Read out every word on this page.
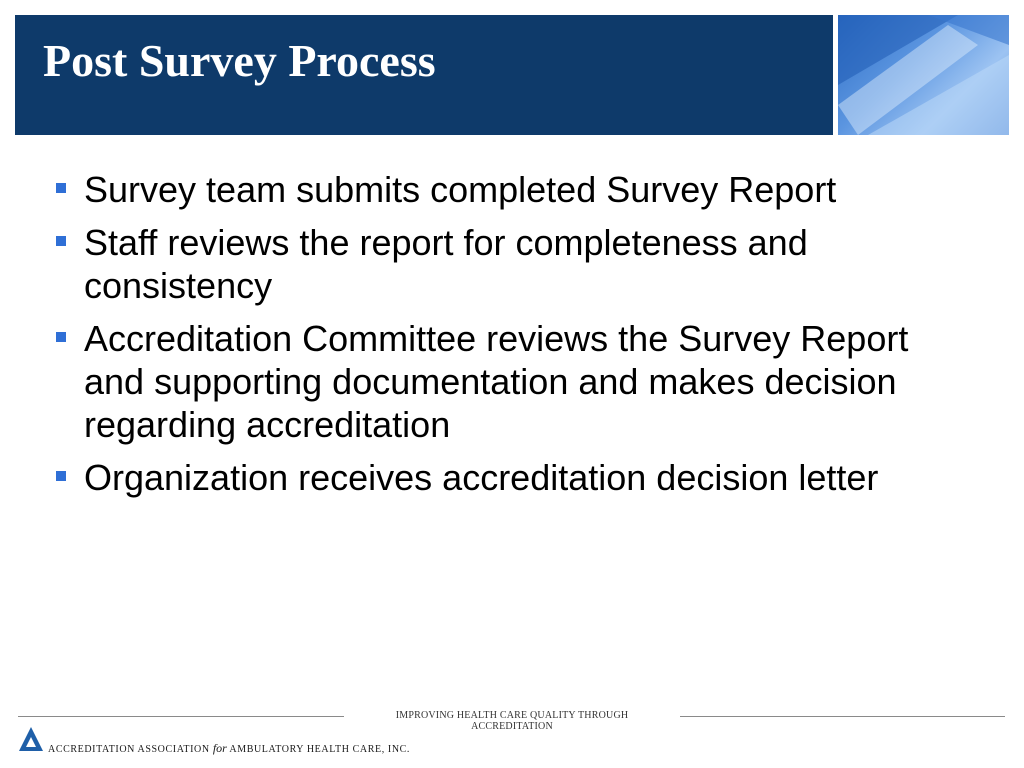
Post Survey Process
Survey team submits completed Survey Report
Staff reviews the report for completeness and consistency
Accreditation Committee reviews the Survey Report and supporting documentation and makes decision regarding accreditation
Organization receives accreditation decision letter
IMPROVING HEALTH CARE QUALITY THROUGH ACCREDITATION
ACCREDITATION ASSOCIATION for AMBULATORY HEALTH CARE, INC.
